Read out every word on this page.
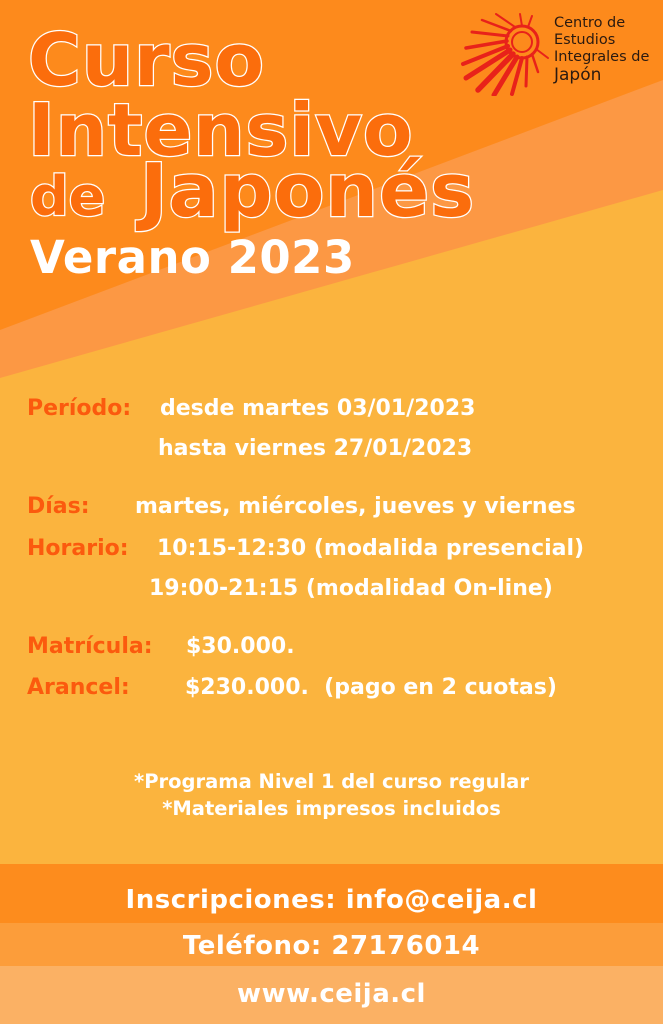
Curso
Intensivo
de Japonés
Verano 2023
Centro de
Estudios
Integrales de
Japón
Período: desde martes 03/01/2023
hasta viernes 27/01/2023
Días: martes, miércoles, jueves y viernes
Horario: 10:15-12:30 (modalida presencial)
19:00-21:15 (modalidad On-line)
Matrícula: $30.000.
Arancel:	$230.000.  (pago en 2 cuotas)
*Programa Nivel 1 del curso regular
*Materiales impresos incluidos
Inscripciones: info@ceija.cl
Teléfono: 27176014
www.ceija.cl
